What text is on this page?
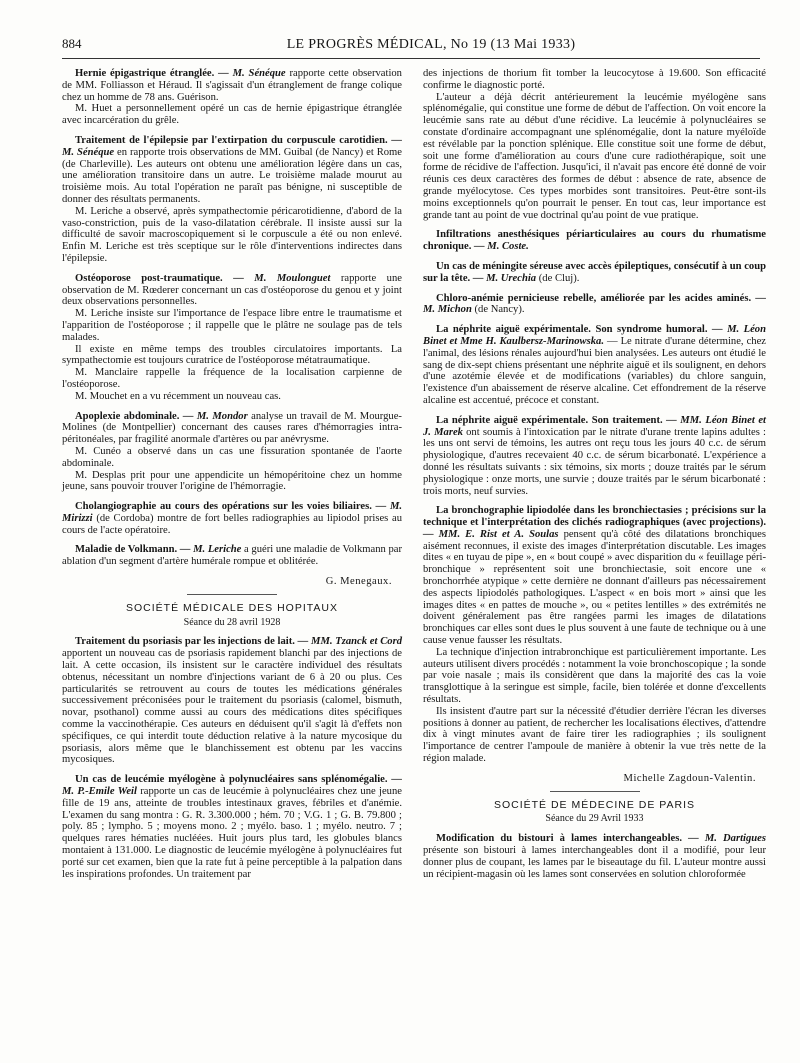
884	LE PROGRÈS MÉDICAL, No 19 (13 Mai 1933)

Hernie épigastrique étranglée. — M. Sénéque rapporte cette observation de MM. Folliasson et Héraud. Il s'agissait d'un étranglement de frange colique chez un homme de 78 ans. Guérison.

M. Huet a personnellement opéré un cas de hernie épigastrique étranglée avec incarcération du grêle.

Traitement de l'épilepsie par l'extirpation du corpuscule carotidien. — M. Sénéque en rapporte trois observations de MM. Guibal (de Nancy) et Rome (de Charleville). Les auteurs ont obtenu une amélioration légère dans un cas, une amélioration transitoire dans un autre. Le troisième malade mourut au troisième mois. Au total l'opération ne paraît pas bénigne, ni susceptible de donner des résultats permanents.

M. Leriche a observé, après sympathectomie péricarotidienne, d'abord de la vaso-constriction, puis de la vaso-dilatation cérébrale. Il insiste aussi sur la difficulté de savoir macroscopiquement si le corpuscule a été ou non enlevé. Enfin M. Leriche est très sceptique sur le rôle d'interventions indirectes dans l'épilepsie.

Ostéoporose post-traumatique. — M. Moulonguet rapporte une observation de M. Rœderer concernant un cas d'ostéoporose du genou et y joint deux observations personnelles.

M. Leriche insiste sur l'importance de l'espace libre entre le traumatisme et l'apparition de l'ostéoporose ; il rappelle que le plâtre ne soulage pas de tels malades.

Il existe en même temps des troubles circulatoires importants. La sympathectomie est toujours curatrice de l'ostéoporose métatraumatique.

M. Manclaire rappelle la fréquence de la localisation carpienne de l'ostéoporose.

M. Mouchet en a vu récemment un nouveau cas.

Apoplexie abdominale. — M. Mondor analyse un travail de M. Mourgue-Molines (de Montpellier) concernant des causes rares d'hémorragies intra-péritonéales, par fragilité anormale d'artères ou par anévrysme.

M. Cunéo a observé dans un cas une fissuration spontanée de l'aorte abdominale.

M. Desplas prit pour une appendicite un hémopéritoine chez un homme jeune, sans pouvoir trouver l'origine de l'hémorragie.

Cholangiographie au cours des opérations sur les voies biliaires. — M. Mirizzi (de Cordoba) montre de fort belles radiographies au lipiodol prises au cours de l'acte opératoire.

Maladie de Volkmann. — M. Leriche a guéri une maladie de Volkmann par ablation d'un segment d'artère humérale rompue et oblitérée.

G. Menegaux.
SOCIÉTÉ MÉDICALE DES HOPITAUX
Séance du 28 avril 1928

Traitement du psoriasis par les injections de lait. — MM. Tzanck et Cord apportent un nouveau cas de psoriasis rapidement blanchi par des injections de lait. A cette occasion, ils insistent sur le caractère individuel des résultats obtenus, nécessitant un nombre d'injections variant de 6 à 20 ou plus. Ces particularités se retrouvent au cours de toutes les médications générales successivement préconisées pour le traitement du psoriasis (calomel, bismuth, novar, psothanol) comme aussi au cours des médications dites spécifiques comme la vaccinothérapie. Ces auteurs en déduisent qu'il s'agit là d'effets non spécifiques, ce qui interdit toute déduction relative à la nature mycosique du psoriasis, alors même que le blanchissement est obtenu par les vaccins mycosiques.

Un cas de leucémie myélogène à polynucléaires sans splénomégalie. — M. P.-Emile Weil rapporte un cas de leucémie à polynucléaires chez une jeune fille de 19 ans, atteinte de troubles intestinaux graves, fébriles et d'anémie. L'examen du sang montra : G. R. 3.300.000 ; hém. 70 ; V.G. 1 ; G. B. 79.800 ; poly. 85 ; lympho. 5 ; moyens mono. 2 ; myélo. baso. 1 ; myélo. neutro. 7 ; quelques rares hématies nucléées. Huit jours plus tard, les globules blancs montaient à 131.000. Le diagnostic de leucémie myélogène à polynucléaires fut porté sur cet examen, bien que la rate fut à peine perceptible à la palpation dans les inspirations profondes. Un traitement par

des injections de thorium fit tomber la leucocytose à 19.600. Son efficacité confirme le diagnostic porté.

L'auteur a déjà décrit antérieurement la leucémie myélogène sans splénomégalie, qui constitue une forme de début de l'affection. On voit encore la leucémie sans rate au début d'une récidive. La leucémie à polynucléaires se constate d'ordinaire accompagnant une splénomégalie, dont la nature myéloïde est révélable par la ponction splénique. Elle constitue soit une forme de début, soit une forme d'amélioration au cours d'une cure radiothérapique, soit une forme de récidive de l'affection. Jusqu'ici, il n'avait pas encore été donné de voir réunis ces deux caractères des formes de début : absence de rate, absence de grande myélocytose. Ces types morbides sont transitoires. Peut-être sont-ils moins exceptionnels qu'on pourrait le penser. En tout cas, leur importance est grande tant au point de vue doctrinal qu'au point de vue pratique.

Infiltrations anesthésiques périarticulaires au cours du rhumatisme chronique. — M. Coste.

Un cas de méningite séreuse avec accès épileptiques, consécutif à un coup sur la tête. — M. Urechia (de Cluj).

Chloro-anémie pernicieuse rebelle, améliorée par les acides aminés. — M. Michon (de Nancy).

La néphrite aiguë expérimentale. Son syndrome humoral. — M. Léon Binet et Mme H. Kaulbersz-Marinowska. — Le nitrate d'urane détermine, chez l'animal, des lésions rénales aujourd'hui bien analysées. Les auteurs ont étudié le sang de dix-sept chiens présentant une néphrite aiguë et ils soulignent, en dehors d'une azotémie élevée et de modifications (variables) du chlore sanguin, l'existence d'un abaissement de réserve alcaline. Cet effondrement de la réserve alcaline est accentué, précoce et constant.

La néphrite aiguë expérimentale. Son traitement. — MM. Léon Binet et J. Marek ont soumis à l'intoxication par le nitrate d'urane trente lapins adultes : les uns ont servi de témoins, les autres ont reçu tous les jours 40 c.c. de sérum physiologique, d'autres recevaient 40 c.c. de sérum bicarbonaté. L'expérience a donné les résultats suivants : six témoins, six morts ; douze traités par le sérum physiologique : onze morts, une survie ; douze traités par le sérum bicarbonaté : trois morts, neuf survies.

La bronchographie lipiodolée dans les bronchiectasies ; précisions sur la technique et l'interprétation des clichés radiographiques (avec projections). — MM. E. Rist et A. Soulas pensent qu'à côté des dilatations bronchiques aisément reconnues, il existe des images d'interprétation discutable. Les images dites « en tuyau de pipe », en « bout coupé » avec disparition du « feuillage péri-bronchique » représentent soit une bronchiectasie, soit encore une « bronchorrhée atypique » cette dernière ne donnant d'ailleurs pas nécessairement des aspects lipiodolés pathologiques. L'aspect « en bois mort » ainsi que les images dites « en pattes de mouche », ou « petites lentilles » des extrémités ne doivent généralement pas être rangées parmi les images de dilatations bronchiques car elles sont dues le plus souvent à une faute de technique ou à une cause venue fausser les résultats.

La technique d'injection intrabronchique est particulièrement importante. Les auteurs utilisent divers procédés : notamment la voie bronchoscopique ; la sonde par voie nasale ; mais ils considèrent que dans la majorité des cas la voie transglottique à la seringue est simple, facile, bien tolérée et donne d'excellents résultats.

Ils insistent d'autre part sur la nécessité d'étudier derrière l'écran les diverses positions à donner au patient, de rechercher les localisations électives, d'attendre dix à vingt minutes avant de faire tirer les radiographies ; ils soulignent l'importance de centrer l'ampoule de manière à obtenir la vue très nette de la région malade.

Michelle Zagdoun-Valentin.
SOCIÉTÉ DE MÉDECINE DE PARIS
Séance du 29 Avril 1933

Modification du bistouri à lames interchangeables. — M. Dartigues présente son bistouri à lames interchangeables dont il a modifié, pour leur donner plus de coupant, les lames par le biseautage du fil. L'auteur montre aussi un récipient-magasin où les lames sont conservées en solution chloroformée
